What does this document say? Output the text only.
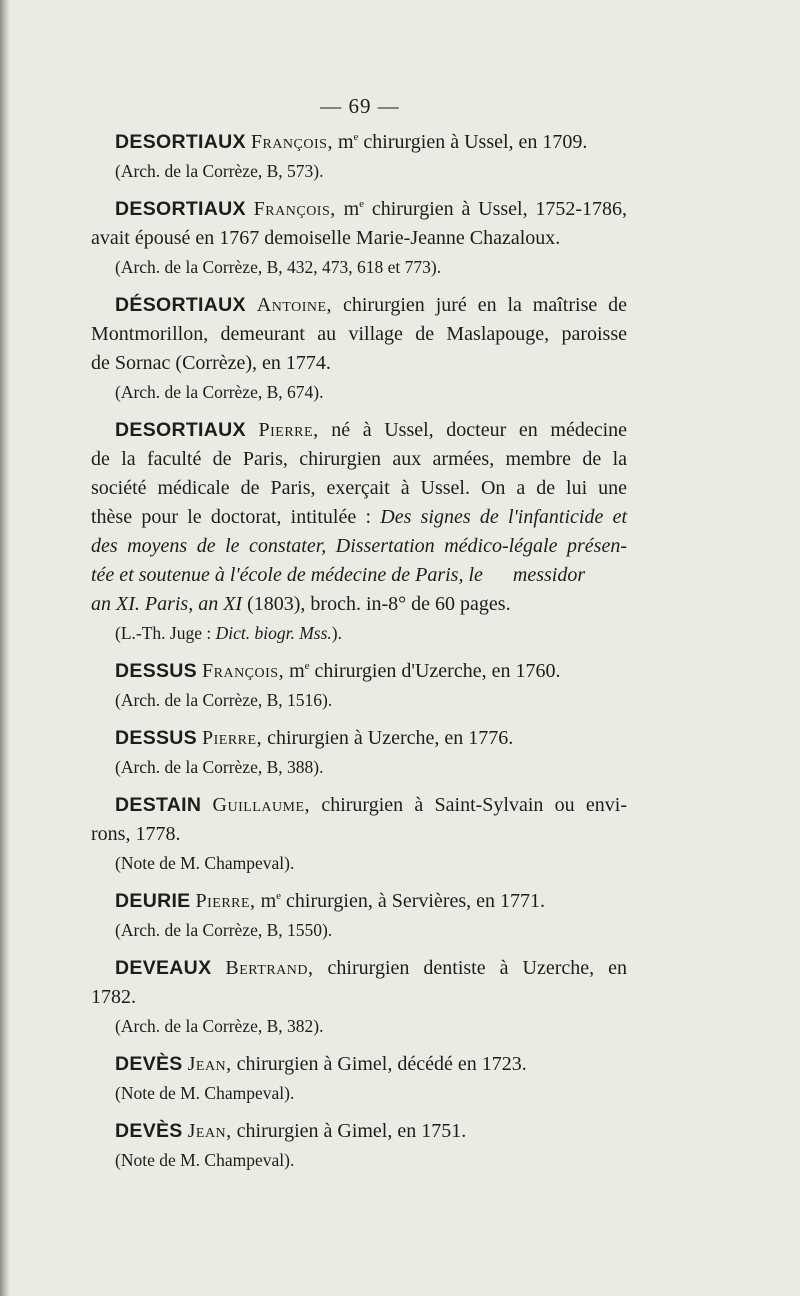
— 69 —
DESORTIAUX François, $m^e$ chirurgien à Ussel, en 1709.
(Arch. de la Corrèze, B, 573).
DESORTIAUX François, $m^e$ chirurgien à Ussel, 1752-1786,
avait épousé en 1767 demoiselle Marie-Jeanne Chazaloux.
(Arch. de la Corrèze, B, 432, 473, 618 et 773).
DÉSORTIAUX Antoine, chirurgien juré en la maîtrise de
Montmorillon, demeurant au village de Maslapouge, paroisse
de Sornac (Corrèze), en 1774.
(Arch. de la Corrèze, B, 674).
DESORTIAUX Pierre, né à Ussel, docteur en médecine
de la faculté de Paris, chirurgien aux armées, membre de la
société médicale de Paris, exerçait à Ussel. On a de lui une
thèse pour le doctorat, intitulée : Des signes de l'infanticide et
des moyens de le constater, Dissertation médico-légale présen-
tée et soutenue à l'école de médecine de Paris, le      messidor
an XI. Paris, an XI (1803), broch. in-8° de 60 pages.
(L.-Th. Juge : Dict. biogr. Mss.).
DESSUS François, $m^e$ chirurgien d'Uzerche, en 1760.
(Arch. de la Corrèze, B, 1516).
DESSUS Pierre, chirurgien à Uzerche, en 1776.
(Arch. de la Corrèze, B, 388).
DESTAIN Guillaume, chirurgien à Saint-Sylvain ou envi-
rons, 1778.
(Note de M. Champeval).
DEURIE Pierre, $m^e$ chirurgien, à Servières, en 1771.
(Arch. de la Corrèze, B, 1550).
DEVEAUX Bertrand, chirurgien dentiste à Uzerche, en
1782.
(Arch. de la Corrèze, B, 382).
DEVÈS Jean, chirurgien à Gimel, décédé en 1723.
(Note de M. Champeval).
DEVÈS Jean, chirurgien à Gimel, en 1751.
(Note de M. Champeval).
